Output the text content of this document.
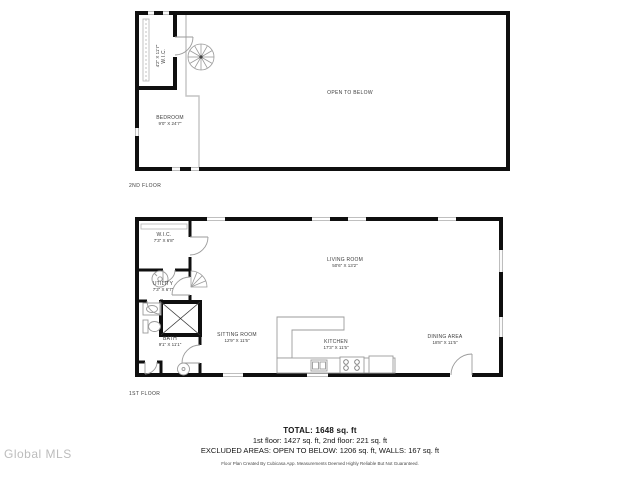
4'2" X 11'7" W.I.C.
BEDROOM
9'0" X 24'7"
OPEN TO BELOW
2ND FLOOR
W.I.C.
7'3" X 6'8"
UTILITY
7'3" X 6'7"
BATH
9'1" X 11'1"
SITTING ROOM
12'9" X 11'5"	KITCHEN
17'3" X 11'5"
LIVING ROOM
50'6" X 13'2"
DINING AREA
18'8" X 11'5"
1ST FLOOR
TOTAL: 1648 sq. ft
1st floor: 1427 sq. ft, 2nd floor: 221 sq. ft
EXCLUDED AREAS: OPEN TO BELOW: 1206 sq. ft, WALLS: 167 sq. ft
Floor Plan Created By Cubicasa App. Measurements Deemed Highly Reliable But Not Guaranteed.
Global MLS
